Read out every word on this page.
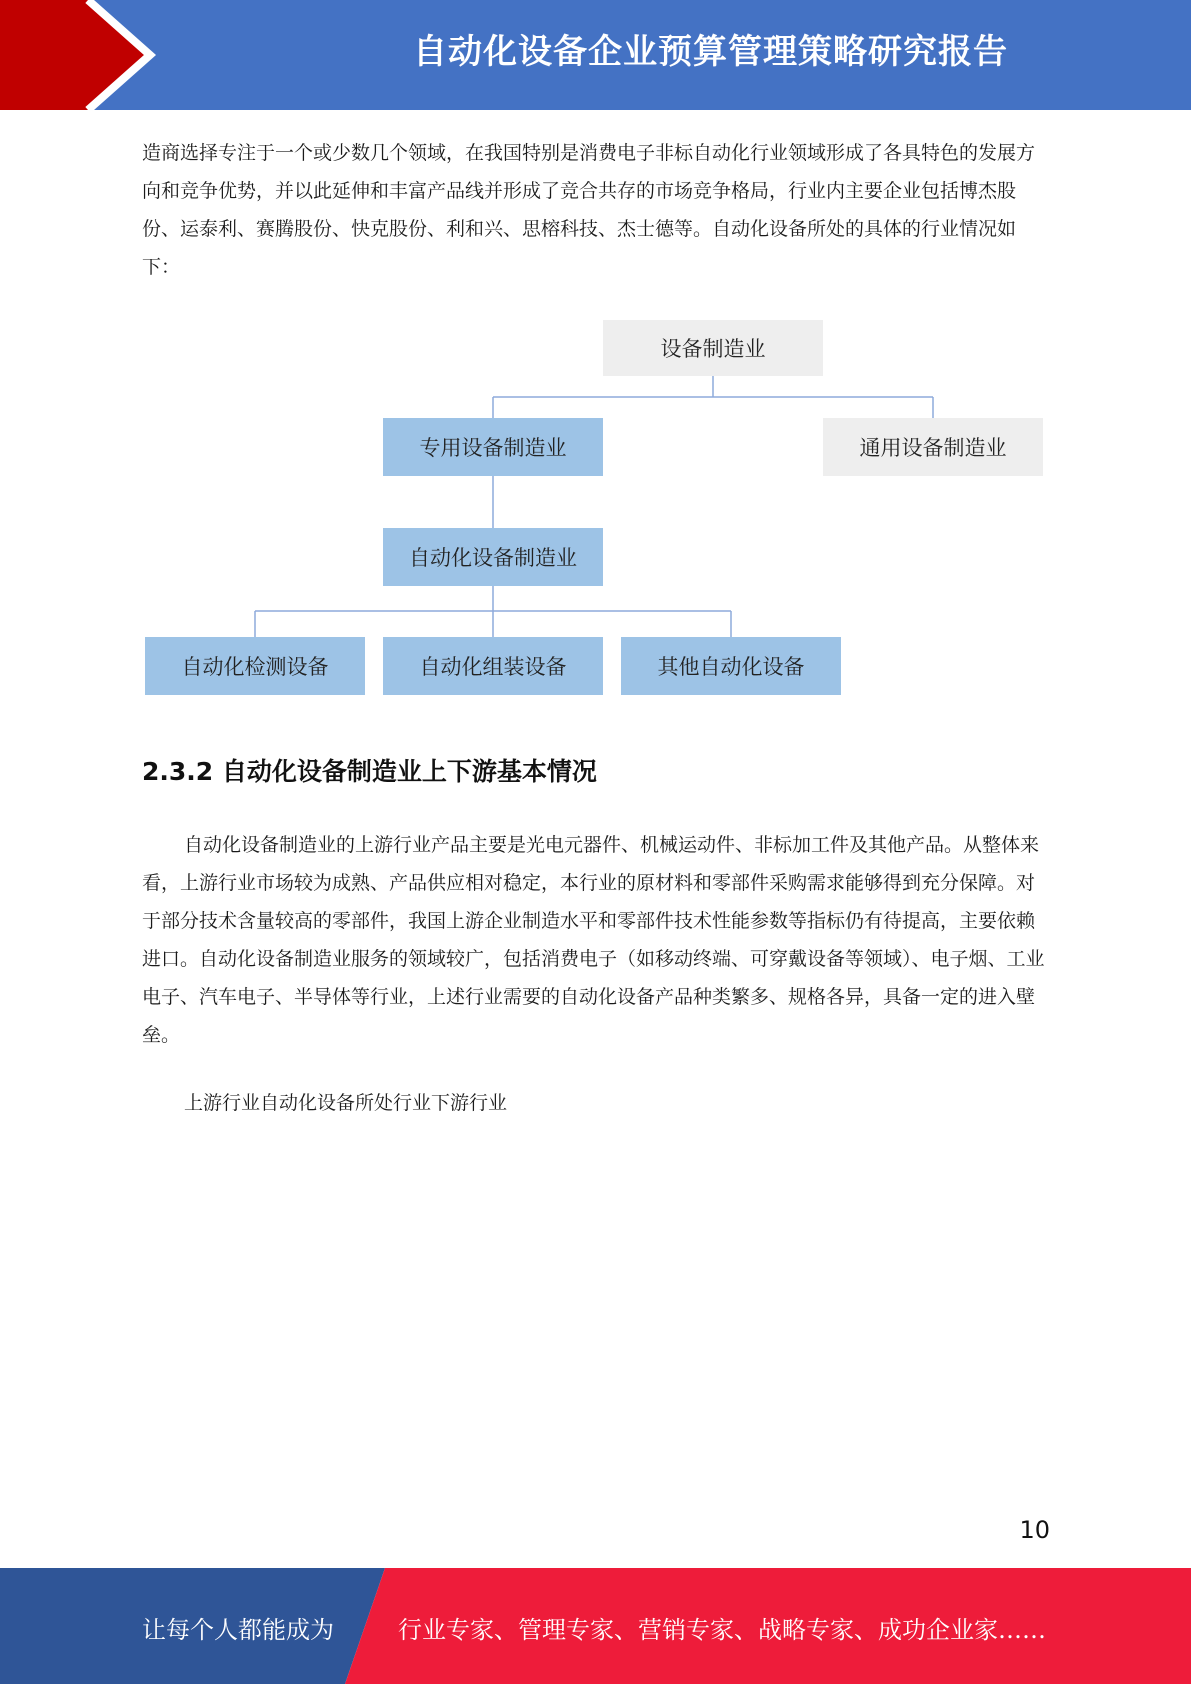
自动化设备企业预算管理策略研究报告

造商选择专注于一个或少数几个领域，在我国特别是消费电子非标自动化行业领域形成了各具特色的发展方向和竞争优势，并以此延伸和丰富产品线并形成了竞合共存的市场竞争格局，行业内主要企业包括博杰股份、运泰利、赛腾股份、快克股份、利和兴、思榕科技、杰士德等。自动化设备所处的具体的行业情况如下：

设备制造业
专用设备制造业	通用设备制造业
自动化设备制造业
自动化检测设备	自动化组装设备	其他自动化设备
2.3.2 自动化设备制造业上下游基本情况

自动化设备制造业的上游行业产品主要是光电元器件、机械运动件、非标加工件及其他产品。从整体来看，上游行业市场较为成熟、产品供应相对稳定，本行业的原材料和零部件采购需求能够得到充分保障。对于部分技术含量较高的零部件，我国上游企业制造水平和零部件技术性能参数等指标仍有待提高，主要依赖进口。自动化设备制造业服务的领域较广，包括消费电子（如移动终端、可穿戴设备等领域）、电子烟、工业电子、汽车电子、半导体等行业，上述行业需要的自动化设备产品种类繁多、规格各异，具备一定的进入壁垒。

上游行业自动化设备所处行业下游行业

10
让每个人都能成为	行业专家、管理专家、营销专家、战略专家、成功企业家……
